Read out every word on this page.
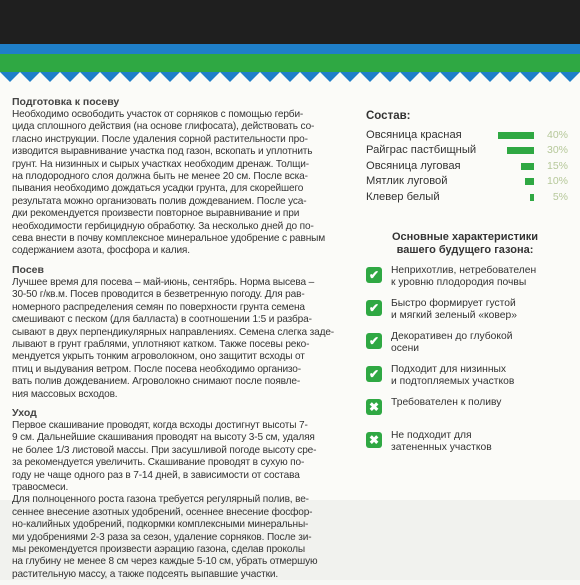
Подготовка к посеву

Необходимо освободить участок от сорняков с помощью герби-
цида сплошного действия (на основе глифосата), действовать со-
гласно инструкции. После удаления сорной растительности про-
изводится выравнивание участка под газон, вскопать и уплотнить
грунт. На низинных и сырых участках необходим дренаж. Толщи-
на плодородного слоя должна быть не менее 20 см. После вска-
пывания необходимо дождаться усадки грунта, для скорейшего
результата можно организовать полив дождеванием. После уса-
дки рекомендуется произвести повторное выравнивание и при
необходимости гербицидную обработку. За несколько дней до по-
сева внести в почву комплексное минеральное удобрение с равным
содержанием азота, фосфора и калия.

Посев

Лучшее время для посева – май-июнь, сентябрь. Норма высева –
30-50 г/кв.м. Посев проводится в безветренную погоду. Для рав-
номерного распределения семян по поверхности грунта семена
смешивают с песком (для балласта) в соотношении 1:5 и разбра-
сывают в двух перпендикулярных направлениях. Семена слегка заде-
лывают в грунт граблями, уплотняют катком. Также посевы реко-
мендуется укрыть тонким агроволокном, оно защитит всходы от
птиц и выдувания ветром. После посева необходимо организо-
вать полив дождеванием. Агроволокно снимают после появле-
ния массовых всходов.

Уход

Первое скашивание проводят, когда всходы достигнут высоты 7-
9 см. Дальнейшие скашивания проводят на высоту 3-5 см, удаляя
не более 1/3 листовой массы. При засушливой погоде высоту сре-
за рекомендуется увеличить. Скашивание проводят в сухую по-
году не чаще одного раз в 7-14 дней, в зависимости от состава травосмеси.
Для полноценного роста газона требуется регулярный полив, ве-
сеннее внесение азотных удобрений, осеннее внесение фосфор-
но-калийных удобрений, подкормки комплексными минеральны-
ми удобрениями 2-3 раза за сезон, удаление сорняков. После зи-
мы рекомендуется произвести аэрацию газона, сделав проколы
на глубину не менее 8 см через каждые 5-10 см, убрать отмершую
растительную массу, а также подсеять выпавшие участки.

Состав:

Овсяница красная	40%
Райграс пастбищный	30%
Овсяница луговая	15%
Мятлик луговой	10%
Клевер белый	5%
Основные характеристики
вашего будущего газона:
✔ Неприхотлив, нетребователен
к уровню плодородия почвы
✔ Быстро формирует густой
и мягкий зеленый «ковер»
✔ Декоративен до глубокой
осени
✔ Подходит для низинных
и подтопляемых участков
✖ Требователен к поливу
✖ Не подходит для
затененных участков
